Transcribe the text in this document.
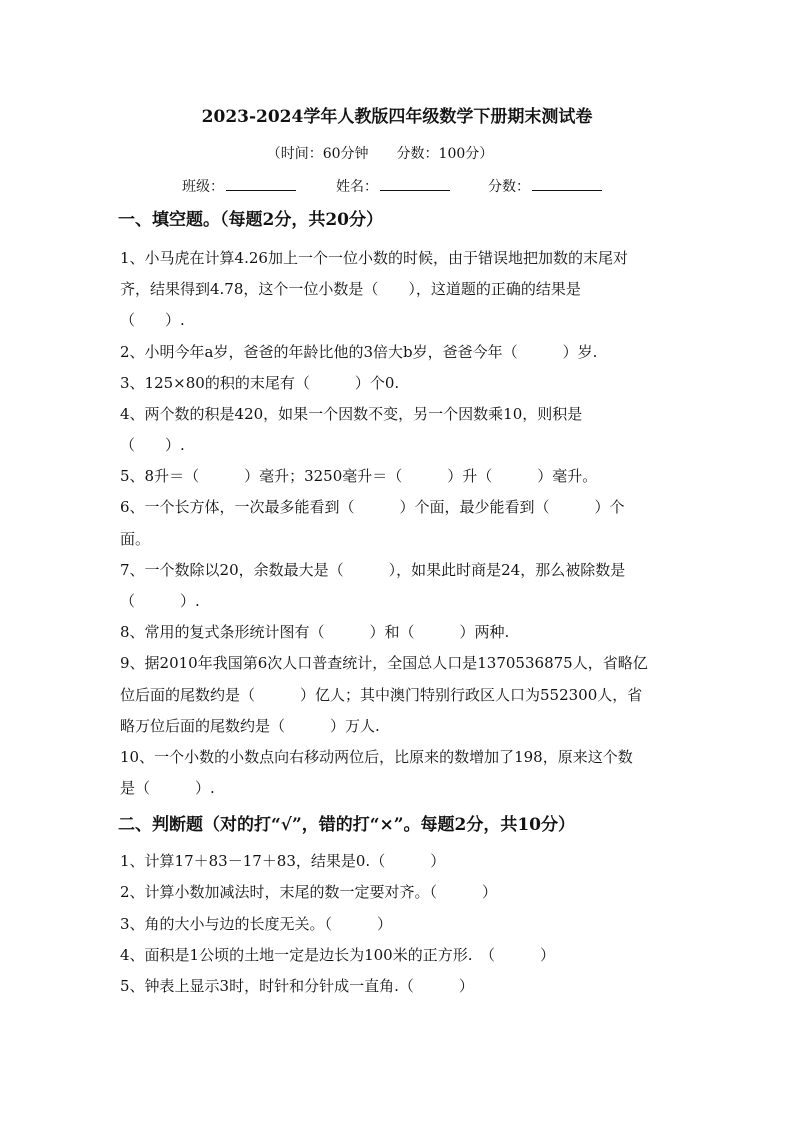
2023-2024学年人教版四年级数学下册期末测试卷
（时间：60分钟　　分数：100分）
班级：	姓名：	分数：
一、填空题。（每题2分，共20分）
1、小马虎在计算4.26加上一个一位小数的时候，由于错误地把加数的末尾对
齐，结果得到4.78，这个一位小数是（　　），这道题的正确的结果是
（　　）.
2、小明今年a岁，爸爸的年龄比他的3倍大b岁，爸爸今年（　　　）岁.
3、125×80的积的末尾有（　　　）个0.
4、两个数的积是420，如果一个因数不变，另一个因数乘10，则积是
（　　）.
5、8升＝（　　　）毫升；3250毫升＝（　　　）升（　　　）毫升。
6、一个长方体，一次最多能看到（　　　）个面，最少能看到（　　　）个
面。
7、一个数除以20，余数最大是（　　　），如果此时商是24，那么被除数是
（　　　）.
8、常用的复式条形统计图有（　　　）和（　　　）两种.
9、据2010年我国第6次人口普查统计，全国总人口是1370536875人，省略亿
位后面的尾数约是（　　　）亿人；其中澳门特别行政区人口为552300人，省
略万位后面的尾数约是（　　　）万人.
10、一个小数的小数点向右移动两位后，比原来的数增加了198，原来这个数
是（　　　）.
二、判断题（对的打“√”，错的打“×”。每题2分，共10分）
1、计算17＋83－17＋83，结果是0.（　　　）
2、计算小数加减法时，末尾的数一定要对齐。（　　　）
3、角的大小与边的长度无关。（　　　）
4、面积是1公顷的土地一定是边长为100米的正方形.　（　　　）
5、钟表上显示3时，时针和分针成一直角.（　　　）
